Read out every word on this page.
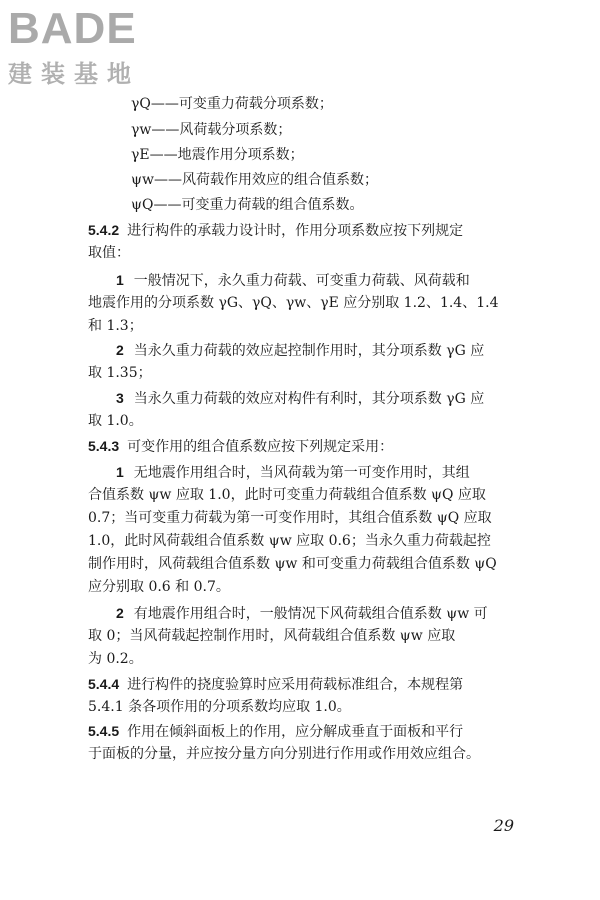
BADE
建装基地
γQ——可变重力荷载分项系数；
γw——风荷载分项系数；
γE——地震作用分项系数；
ψw——风荷载作用效应的组合值系数；
ψQ——可变重力荷载的组合值系数。
5.4.2 进行构件的承载力设计时，作用分项系数应按下列规定
取值：
1 一般情况下，永久重力荷载、可变重力荷载、风荷载和
地震作用的分项系数 γG、γQ、γw、γE 应分别取 1.2、1.4、1.4
和 1.3；
2 当永久重力荷载的效应起控制作用时，其分项系数 γG 应
取 1.35；
3 当永久重力荷载的效应对构件有利时，其分项系数 γG 应
取 1.0。
5.4.3 可变作用的组合值系数应按下列规定采用：
1 无地震作用组合时，当风荷载为第一可变作用时，其组
合值系数 ψw 应取 1.0，此时可变重力荷载组合值系数 ψQ 应取
0.7；当可变重力荷载为第一可变作用时，其组合值系数 ψQ 应取
1.0，此时风荷载组合值系数 ψw 应取 0.6；当永久重力荷载起控
制作用时，风荷载组合值系数 ψw 和可变重力荷载组合值系数 ψQ
应分别取 0.6 和 0.7。
2 有地震作用组合时，一般情况下风荷载组合值系数 ψw 可
取 0；当风荷载起控制作用时，风荷载组合值系数 ψw 应取
为 0.2。
5.4.4 进行构件的挠度验算时应采用荷载标准组合，本规程第
5.4.1 条各项作用的分项系数均应取 1.0。
5.4.5 作用在倾斜面板上的作用，应分解成垂直于面板和平行
于面板的分量，并应按分量方向分别进行作用或作用效应组合。
29
